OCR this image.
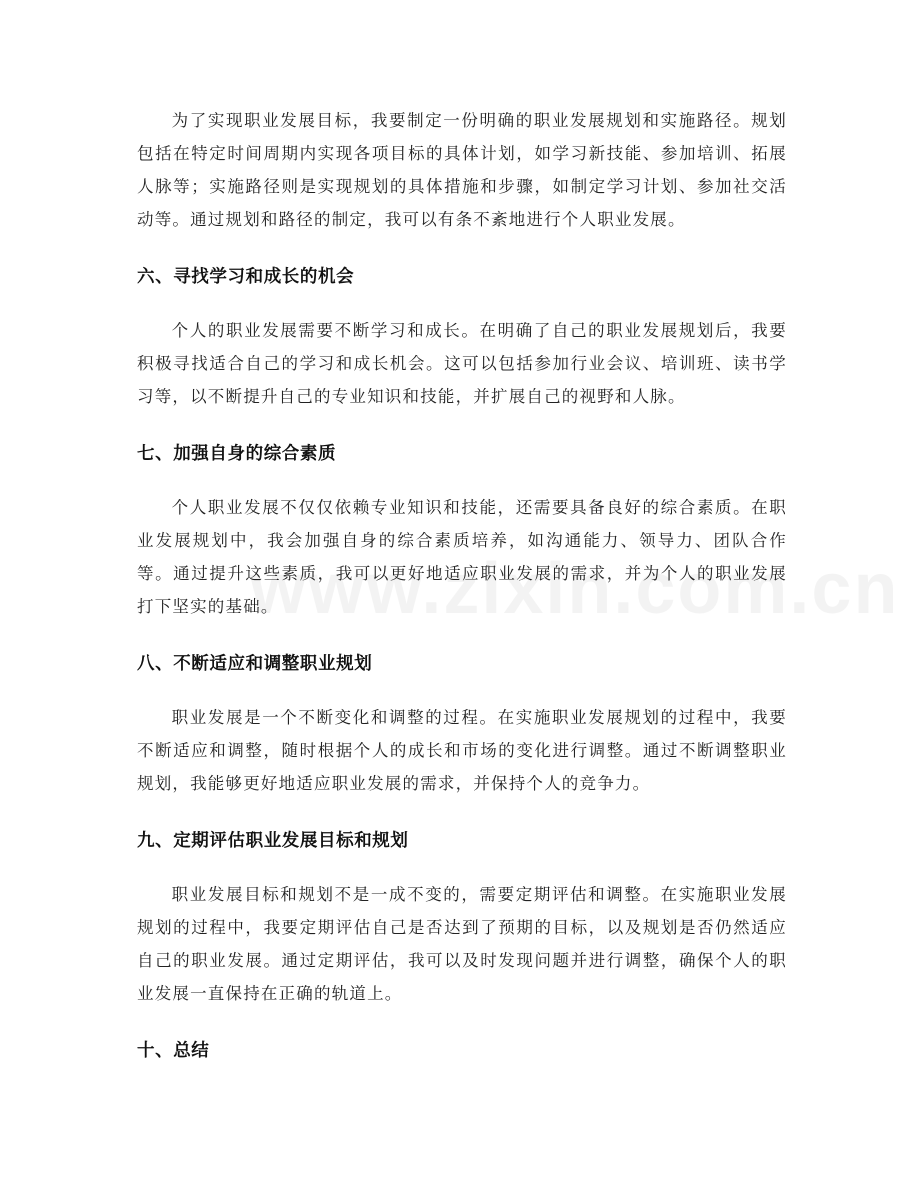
为了实现职业发展目标，我要制定一份明确的职业发展规划和实施路径。规划包括在特定时间周期内实现各项目标的具体计划，如学习新技能、参加培训、拓展人脉等；实施路径则是实现规划的具体措施和步骤，如制定学习计划、参加社交活动等。通过规划和路径的制定，我可以有条不紊地进行个人职业发展。

六、寻找学习和成长的机会

个人的职业发展需要不断学习和成长。在明确了自己的职业发展规划后，我要积极寻找适合自己的学习和成长机会。这可以包括参加行业会议、培训班、读书学习等，以不断提升自己的专业知识和技能，并扩展自己的视野和人脉。

七、加强自身的综合素质

个人职业发展不仅仅依赖专业知识和技能，还需要具备良好的综合素质。在职业发展规划中，我会加强自身的综合素质培养，如沟通能力、领导力、团队合作等。通过提升这些素质，我可以更好地适应职业发展的需求，并为个人的职业发展打下坚实的基础。

八、不断适应和调整职业规划

职业发展是一个不断变化和调整的过程。在实施职业发展规划的过程中，我要不断适应和调整，随时根据个人的成长和市场的变化进行调整。通过不断调整职业规划，我能够更好地适应职业发展的需求，并保持个人的竞争力。

九、定期评估职业发展目标和规划

职业发展目标和规划不是一成不变的，需要定期评估和调整。在实施职业发展规划的过程中，我要定期评估自己是否达到了预期的目标，以及规划是否仍然适应自己的职业发展。通过定期评估，我可以及时发现问题并进行调整，确保个人的职业发展一直保持在正确的轨道上。

十、总结
